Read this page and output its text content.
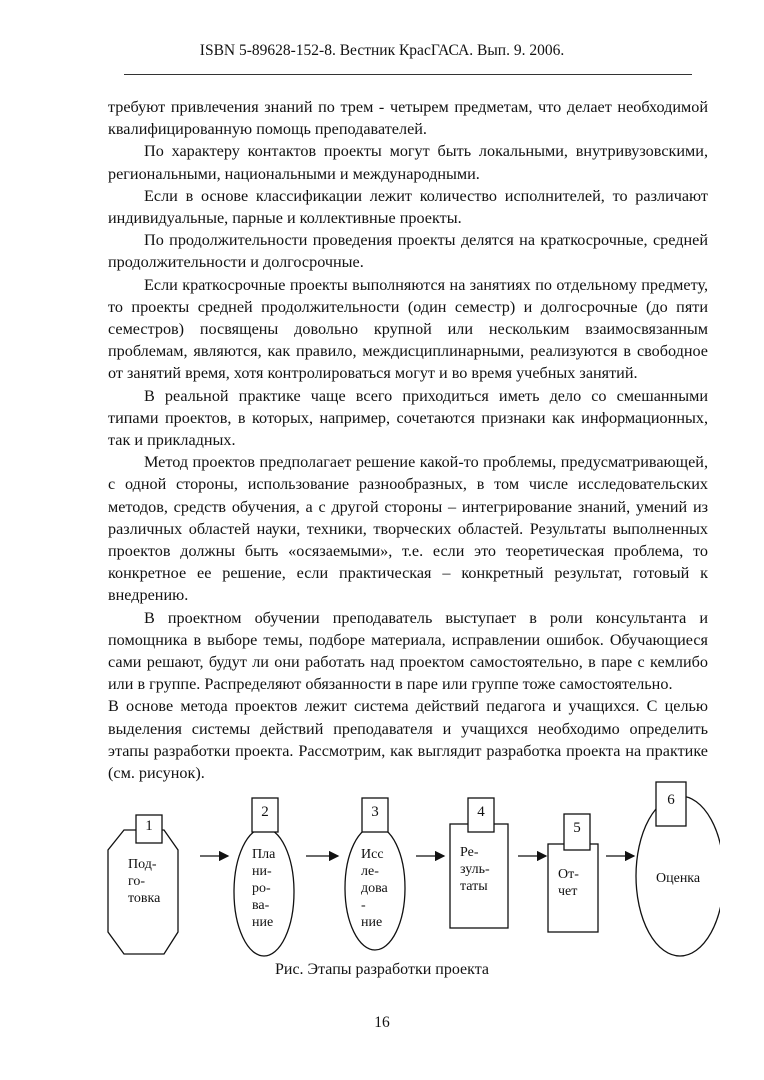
ISBN 5-89628-152-8. Вестник КрасГАСА. Вып. 9. 2006.

требуют привлечения знаний по трем - четырем предметам, что делает необходимой квалифицированную помощь преподавателей.

По характеру контактов проекты могут быть локальными, внутривузовскими, региональными, национальными и международными.

Если в основе классификации лежит количество исполнителей, то различают индивидуальные, парные и коллективные проекты.

По продолжительности проведения проекты делятся на краткосрочные, средней продолжительности и долгосрочные.

Если краткосрочные проекты выполняются на занятиях по отдельному предмету, то проекты средней продолжительности (один семестр) и долгосрочные (до пяти семестров) посвящены довольно крупной или нескольким взаимосвязанным проблемам, являются, как правило, междисциплинарными, реализуются в свободное от занятий время, хотя контролироваться могут и во время учебных занятий.

В реальной практике чаще всего приходиться иметь дело со смешанными типами проектов, в которых, например, сочетаются признаки как информационных, так и прикладных.

Метод проектов предполагает решение какой-то проблемы, предусматривающей, с одной стороны, использование разнообразных, в том числе исследовательских методов, средств обучения, а с другой стороны – интегрирование знаний, умений из различных областей науки, техники, творческих областей. Результаты выполненных проектов должны быть «осязаемыми», т.е. если это теоретическая проблема, то конкретное ее решение, если практическая – конкретный результат, готовый к внедрению.

В проектном обучении преподаватель выступает в роли консультанта и помощника в выборе темы, подборе материала, исправлении ошибок. Обучающиеся сами решают, будут ли они работать над проектом самостоятельно, в паре с кемлибо или в группе. Распределяют обязанности в паре или группе тоже самостоятельно.

В основе метода проектов лежит система действий педагога и учащихся. С целью выделения системы действий преподавателя и учащихся необходимо определить этапы разработки проекта. Рассмотрим, как выглядит разработка проекта на практике (см. рисунок).

1
2	3	4
5
6
Под-
го-
товка
Пла
ни-
ро-
ва-
ние
Исс
ле-
дова
-
ние
Ре-
зуль-
таты
От-
чет
Оценка
Рис. Этапы разработки проекта
16
